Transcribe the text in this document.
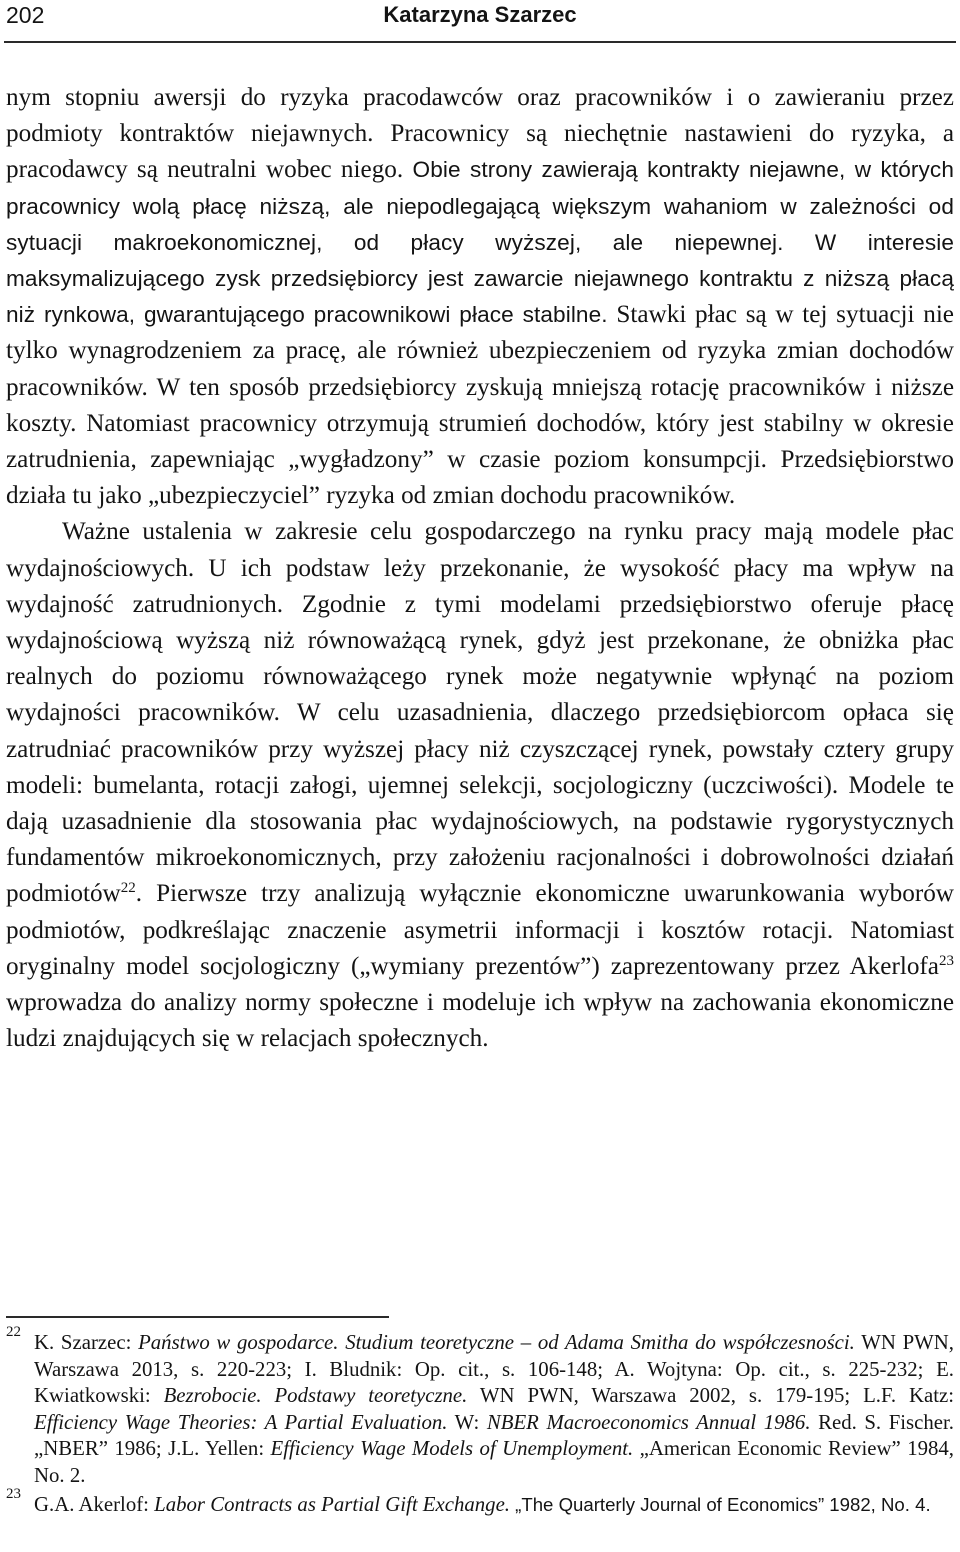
202	Katarzyna Szarzec

nym stopniu awersji do ryzyka pracodawców oraz pracowników i o zawieraniu przez podmioty kontraktów niejawnych. Pracownicy są niechętnie nastawieni do ryzyka, a pracodawcy są neutralni wobec niego. Obie strony zawierają kontrakty niejawne, w których pracownicy wolą płacę niższą, ale niepodlegającą większym wahaniom w zależności od sytuacji makroekonomicznej, od płacy wyższej, ale niepewnej. W interesie maksymalizującego zysk przedsiębiorcy jest zawarcie niejawnego kontraktu z niższą płacą niż rynkowa, gwarantującego pracownikowi płace stabilne. Stawki płac są w tej sytuacji nie tylko wynagrodzeniem za pracę, ale również ubezpieczeniem od ryzyka zmian dochodów pracowników. W ten sposób przedsiębiorcy zyskują mniejszą rotację pracowników i niższe koszty. Natomiast pracownicy otrzymują strumień dochodów, który jest stabilny w okresie zatrudnienia, zapewniając „wygładzony” w czasie poziom konsumpcji. Przedsiębiorstwo działa tu jako „ubezpieczyciel” ryzyka od zmian dochodu pracowników.

Ważne ustalenia w zakresie celu gospodarczego na rynku pracy mają modele płac wydajnościowych. U ich podstaw leży przekonanie, że wysokość płacy ma wpływ na wydajność zatrudnionych. Zgodnie z tymi modelami przedsiębiorstwo oferuje płacę wydajnościową wyższą niż równoważącą rynek, gdyż jest przekonane, że obniżka płac realnych do poziomu równoważącego rynek może negatywnie wpłynąć na poziom wydajności pracowników. W celu uzasadnienia, dlaczego przedsiębiorcom opłaca się zatrudniać pracowników przy wyższej płacy niż czyszczącej rynek, powstały cztery grupy modeli: bumelanta, rotacji załogi, ujemnej selekcji, socjologiczny (uczciwości). Modele te dają uzasadnienie dla stosowania płac wydajnościowych, na podstawie rygorystycznych fundamentów mikroekonomicznych, przy założeniu racjonalności i dobrowolności działań podmiotów$^{22}$. Pierwsze trzy analizują wyłącznie ekonomiczne uwarunkowania wyborów podmiotów, podkreślając znaczenie asymetrii informacji i kosztów rotacji. Natomiast oryginalny model socjologiczny („wymiany prezentów”) zaprezentowany przez Akerlofa$^{23}$ wprowadza do analizy normy społeczne i modeluje ich wpływ na zachowania ekonomiczne ludzi znajdujących się w relacjach społecznych.

22 K. Szarzec: Państwo w gospodarce. Studium teoretyczne – od Adama Smitha do współczesności. WN PWN, Warszawa 2013, s. 220-223; I. Bludnik: Op. cit., s. 106-148; A. Wojtyna: Op. cit., s. 225-232; E. Kwiatkowski: Bezrobocie. Podstawy teoretyczne. WN PWN, Warszawa 2002, s. 179-195; L.F. Katz: Efficiency Wage Theories: A Partial Evaluation. W: NBER Macroeconomics Annual 1986. Red. S. Fischer. „NBER” 1986; J.L. Yellen: Efficiency Wage Models of Unemployment. „American Economic Review” 1984, No. 2.
23 G.A. Akerlof: Labor Contracts as Partial Gift Exchange. „The Quarterly Journal of Economics” 1982, No. 4.
